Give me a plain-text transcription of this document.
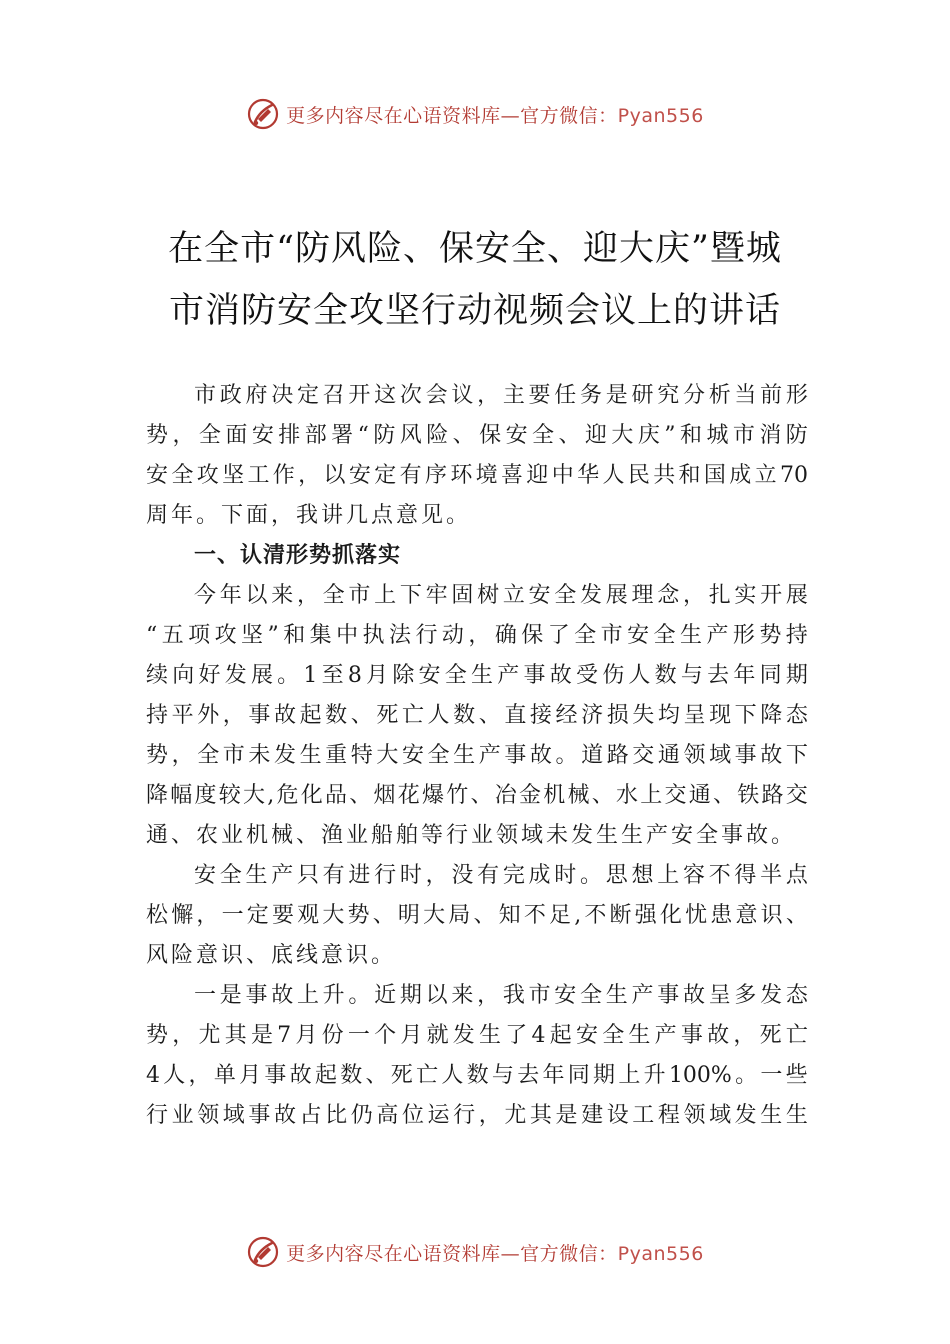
更多内容尽在心语资料库—官方微信：Pyan556
在全市“防风险、保安全、迎大庆”暨城
市消防安全攻坚行动视频会议上的讲话
市 政 府 决 定 召 开 这 次 会 议 ， 主 要 任 务 是 研 究 分 析 当 前 形
势 ， 全 面 安 排 部 署 “ 防 风 险 、 保 安 全 、 迎 大 庆 ” 和 城 市 消 防
安 全 攻 坚 工 作 ， 以 安 定 有 序 环 境 喜 迎 中 华 人 民 共 和 国 成 立 70
周年。下面，我讲几点意见。
一、认清形势抓落实
今 年 以 来 ， 全 市 上 下 牢 固 树 立 安 全 发 展 理 念 ， 扎 实 开 展
“ 五 项 攻 坚 ” 和 集 中 执 法 行 动 ， 确 保 了 全 市 安 全 生 产 形 势 持
续 向 好 发 展 。 1 至 8 月 除 安 全 生 产 事 故 受 伤 人 数 与 去 年 同 期
持 平 外 ， 事 故 起 数 、 死 亡 人 数 、 直 接 经 济 损 失 均 呈 现 下 降 态
势 ， 全 市 未 发 生 重 特 大 安 全 生 产 事 故 。 道 路 交 通 领 域 事 故 下
降 幅 度 较 大 , 危 化 品 、 烟 花 爆 竹 、 冶 金 机 械 、 水 上 交 通 、 铁 路 交
通、农业机械、渔业船舶等行业领域未发生生产安全事故。
安 全 生 产 只 有 进 行 时 ， 没 有 完 成 时 。 思 想 上 容 不 得 半 点
松 懈 ， 一 定 要 观 大 势 、 明 大 局 、 知 不 足 , 不 断 强 化 忧 患 意 识 、
风险意识、底线意识。
一 是 事 故 上 升 。 近 期 以 来 ， 我 市 安 全 生 产 事 故 呈 多 发 态
势 ， 尤 其 是 7 月 份 一 个 月 就 发 生 了 4 起 安 全 生 产 事 故 ， 死 亡
4 人 ， 单 月 事 故 起 数 、 死 亡 人 数 与 去 年 同 期 上 升 100% 。 一 些
行 业 领 域 事 故 占 比 仍 高 位 运 行 ， 尤 其 是 建 设 工 程 领 域 发 生 生
更多内容尽在心语资料库—官方微信：Pyan556
